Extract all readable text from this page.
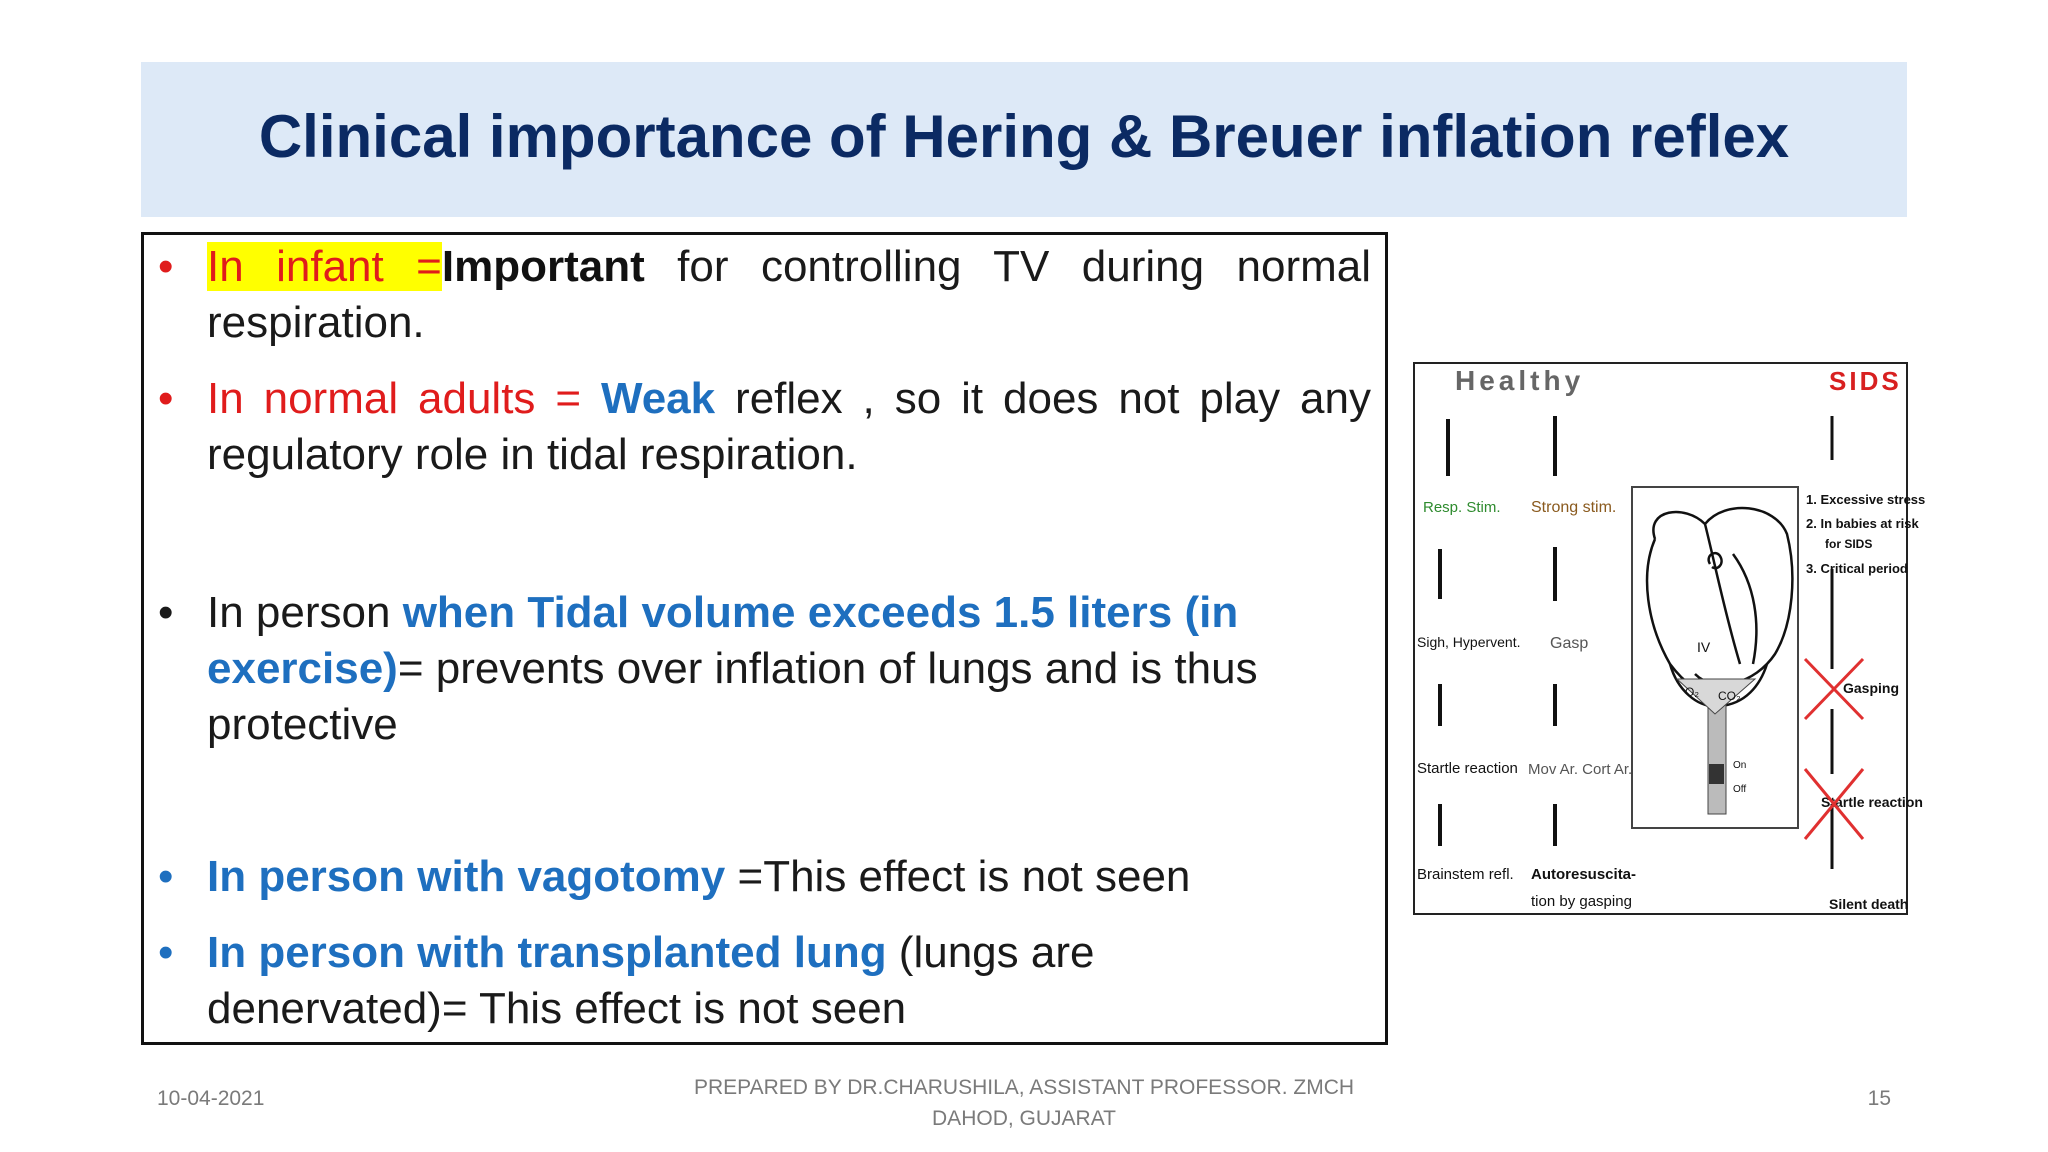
Clinical importance of Hering & Breuer inflation reflex
• In infant =Important for controlling TV during normal respiration.
• In normal adults = Weak reflex , so it does not play any regulatory role in tidal respiration.
• In person when Tidal volume exceeds 1.5 liters (in exercise)= prevents over inflation of lungs and is thus protective
• In person with vagotomy =This effect is not seen
• In person with transplanted lung (lungs are denervated)= This effect is not seen
Healthy	SIDS
Resp. Stim.
Sigh, Hypervent.
Startle reaction
Brainstem refl.
Strong stim.
Gasp
Mov Ar. Cort Ar.
Autoresuscita-
tion by gasping
IV
O₂ CO₂
On
Off
1. Excessive stress
2. In babies at risk
for SIDS
3. Critical period
Gasping
Startle reaction
Silent death
10-04-2021	PREPARED BY DR.CHARUSHILA, ASSISTANT PROFESSOR. ZMCH
DAHOD, GUJARAT
15
